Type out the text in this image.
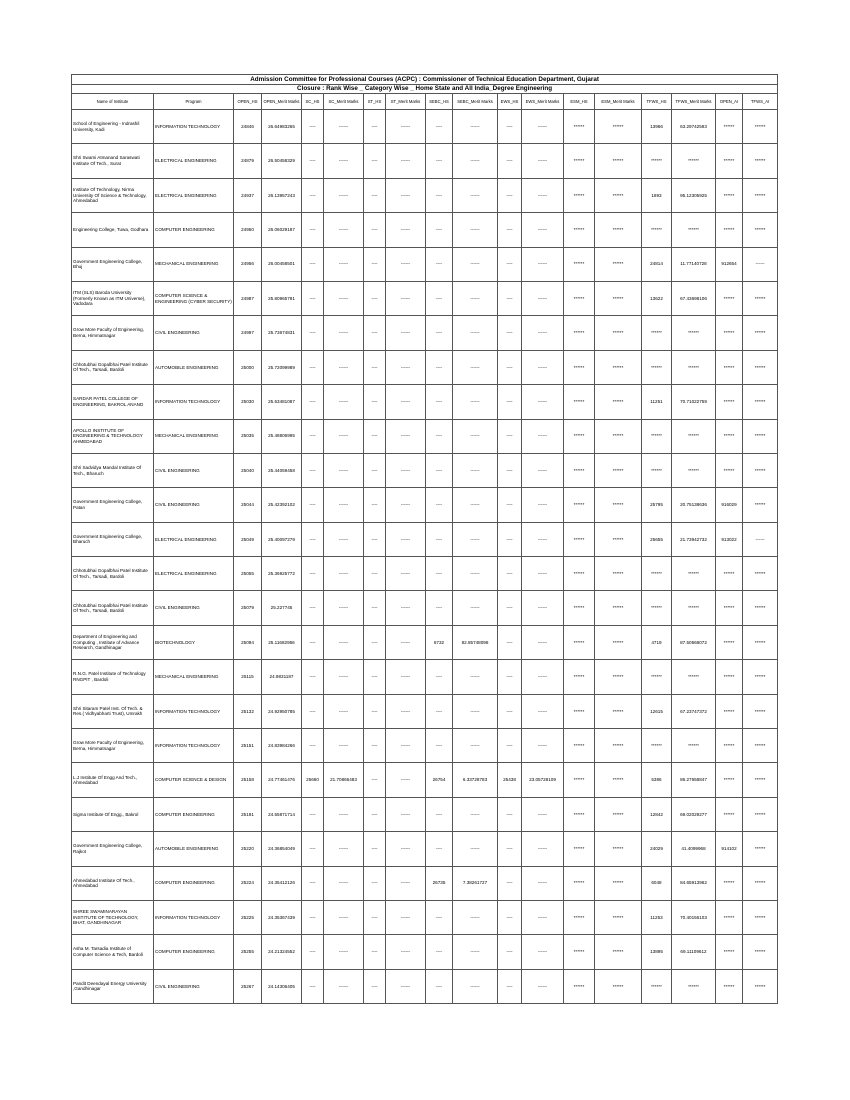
Admission Committee for Professional Courses (ACPC) : Commissioner of Technical Education Department, Gujarat																	
Closure : Rank Wise _ Category Wise _ Home State and All India_Degree Engineering																	
Name of Institute	Program	OPEN_HS	OPEN_Merit Marks	SC_HS	SC_Merit Marks	ST_HS	ST_Merit Marks	SEBC_HS	SEBC_Merit Marks	EWS_HS	EWS_Merit Marks	ESM_HS	ESM_Merit Marks	TFWS_HS	TFWS_Merit Marks	OPEN_AI	TFWS_AI
School of Engineering - Indrashil University, Kadi	INFORMATION TECHNOLOGY	24846	26.64983265	----	------	----	------	----	------	----	------	******	******	13966	63.29742593	******	******
Shri Swami Atmanand Saraswati Institute Of Tech., Surat	ELECTRICAL ENGINEERING	24879	26.50458329	----	------	----	------	----	------	----	------	******	******	******	******	******	******
Institute Of Technology, Nirma University Of Science & Technology, Ahmedabad	ELECTRICAL ENGINEERING	24937	26.13957243	----	------	----	------	----	------	----	------	******	******	1893	95.12305925	******	******
Engineering College, Tuwa, Godhara	COMPUTER ENGINEERING	24950	26.06029187	----	------	----	------	----	------	----	------	******	******	******	******	******	******
Government Engineering College, Bhuj	MECHANICAL ENGINEERING	24956	26.00458501	----	------	----	------	----	------	----	------	******	******	24814	11.77140728	912654	------
ITM (SLS) Baroda University (Formerly Known as ITM Universe), Vadodara	COMPUTER SCIENCE & ENGINEERING (CYBER SECURITY)	24987	25.80965781	----	------	----	------	----	------	----	------	******	******	13622	67.43698106	******	******
Grow More Faculty of Engineering, Berna, Himmatnagar	CIVIL ENGINEERING	24997	25.73674831	----	------	----	------	----	------	----	------	******	******	******	******	******	******
Chhotubhai Gopalbhai Patel Institute Of Tech., Tarsadi, Bardoli	AUTOMOBILE ENGINEERING	25000	25.72099989	----	------	----	------	----	------	----	------	******	******	******	******	******	******
SARDAR PATEL COLLEGE OF ENGINEERING, BAKROL ANAND	INFORMATION TECHNOLOGY	25030	25.53481087	----	------	----	------	----	------	----	------	******	******	11251	70.71022759	******	******
APOLLO INSTITUTE OF ENGINEERING & TECHNOLOGY AHMEDABAD	MECHANICAL ENGINEERING	25035	25.48806995	----	------	----	------	----	------	----	------	******	******	******	******	******	******
Shri Sadvidya Mandal Institute Of Tech., Bharuch	CIVIL ENGINEERING	25040	25.44059458	----	------	----	------	----	------	----	------	******	******	******	******	******	******
Government Engineering College, Patan	CIVIL ENGINEERING	25044	25.42392102	----	------	----	------	----	------	----	------	******	******	25795	20.75138636	916029	******
Government Engineering College, Bharuch	ELECTRICAL ENGINEERING	25049	25.40097279	----	------	----	------	----	------	----	------	******	******	25655	21.73942732	913022	------
Chhotubhai Gopalbhai Patel Institute Of Tech., Tarsadi, Bardoli	ELECTRICAL ENGINEERING	25055	25.36925772	----	------	----	------	----	------	----	------	******	******	******	******	******	******
Chhotubhai Gopalbhai Patel Institute Of Tech., Tarsadi, Bardoli	CIVIL ENGINEERING	25079	25.227745	----	------	----	------	----	------	----	------	******	******	******	******	******	******
Department of Engineering and Computing , Institute of Advance Research, Gandhinagar	BIOTECHNOLOGY	25094	25.11682956	----	------	----	------	6732	82.85748098	----	------	******	******	4719	87.50568072	******	******
R.N.G. Patel Institute of Technology RNGPIT , Bardoli	MECHANICAL ENGINEERING	25115	24.9831187	----	------	----	------	----	------	----	------	******	******	******	******	******	******
Shri Sitaram Patel Inst. Of Tech. & Res.( Vidhyabharti Trust), Umrakh	INFORMATION TECHNOLOGY	25132	24.92950785	----	------	----	------	----	------	----	------	******	******	12615	67.23747372	******	******
Grow More Faculty of Engineering, Berna, Himmatnagar	INFORMATION TECHNOLOGY	25151	24.83984266	----	------	----	------	----	------	----	------	******	******	******	******	******	******
L.J Institute Of Engg And Tech., Ahmedabad	COMPUTER SCIENCE & DESIGN	25158	24.77461476	25660	21.70866483	----	------	26754	6.33728783	25438	23.05728109	******	******	5386	86.27658847	******	******
Sigma Institute Of Engg., Bakrol	COMPUTER ENGINEERING	25191	24.55871714	----	------	----	------	----	------	----	------	******	******	12842	69.02029277	******	******
Government Engineering College, Rajkot	AUTOMOBILE ENGINEERING	25220	24.36854049	----	------	----	------	----	------	----	------	******	******	24029	41.4099968	914102	******
Ahmedabad Institute Of Tech., Ahmedabad	COMPUTER ENGINEERING	25224	24.35412126	----	------	----	------	26735	7.38261727	----	------	******	******	6048	84.65913962	******	******
SHREE SWAMINARAYAN INSTITUTE OF TECHNOLOGY, BHAT, GANDHINAGAR	INFORMATION TECHNOLOGY	25225	24.35367439	----	------	----	------	----	------	----	------	******	******	11253	70.40156103	******	******
Asha M. Tarsadia Institute of Computer Science & Tech, Bardoli	COMPUTER ENGINEERING	25255	24.21324552	----	------	----	------	----	------	----	------	******	******	13895	69.11109612	******	******
Pandit Deendayal Energy University ,Gandhinagar	CIVIL ENGINEERING	25267	24.14306405	----	------	----	------	----	------	----	------	******	******	******	******	******	******
